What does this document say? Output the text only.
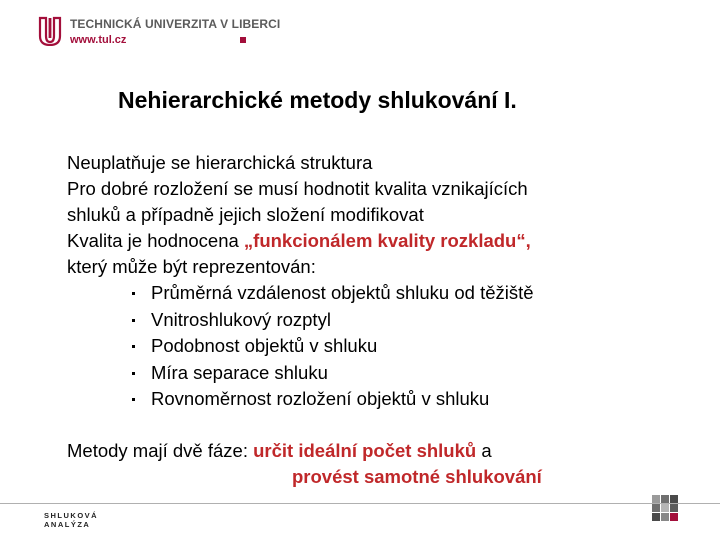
TECHNICKÁ UNIVERZITA V LIBERCI
www.tul.cz
Nehierarchické metody shlukování I.
Neuplatňuje se hierarchická struktura
Pro dobré rozložení se musí hodnotit kvalita vznikajících
shluků a případně jejich složení modifikovat
Kvalita je hodnocena „funkcionálem kvality rozkladu“,
který může být reprezentován:
Průměrná vzdálenost objektů shluku od těžiště
Vnitroshlukový rozptyl
Podobnost objektů v shluku
Míra separace shluku
Rovnoměrnost rozložení objektů v shluku
Metody mají dvě fáze: určit ideální počet shluků a
provést samotné shlukování
SHLUKOVÁ
ANALÝZA
